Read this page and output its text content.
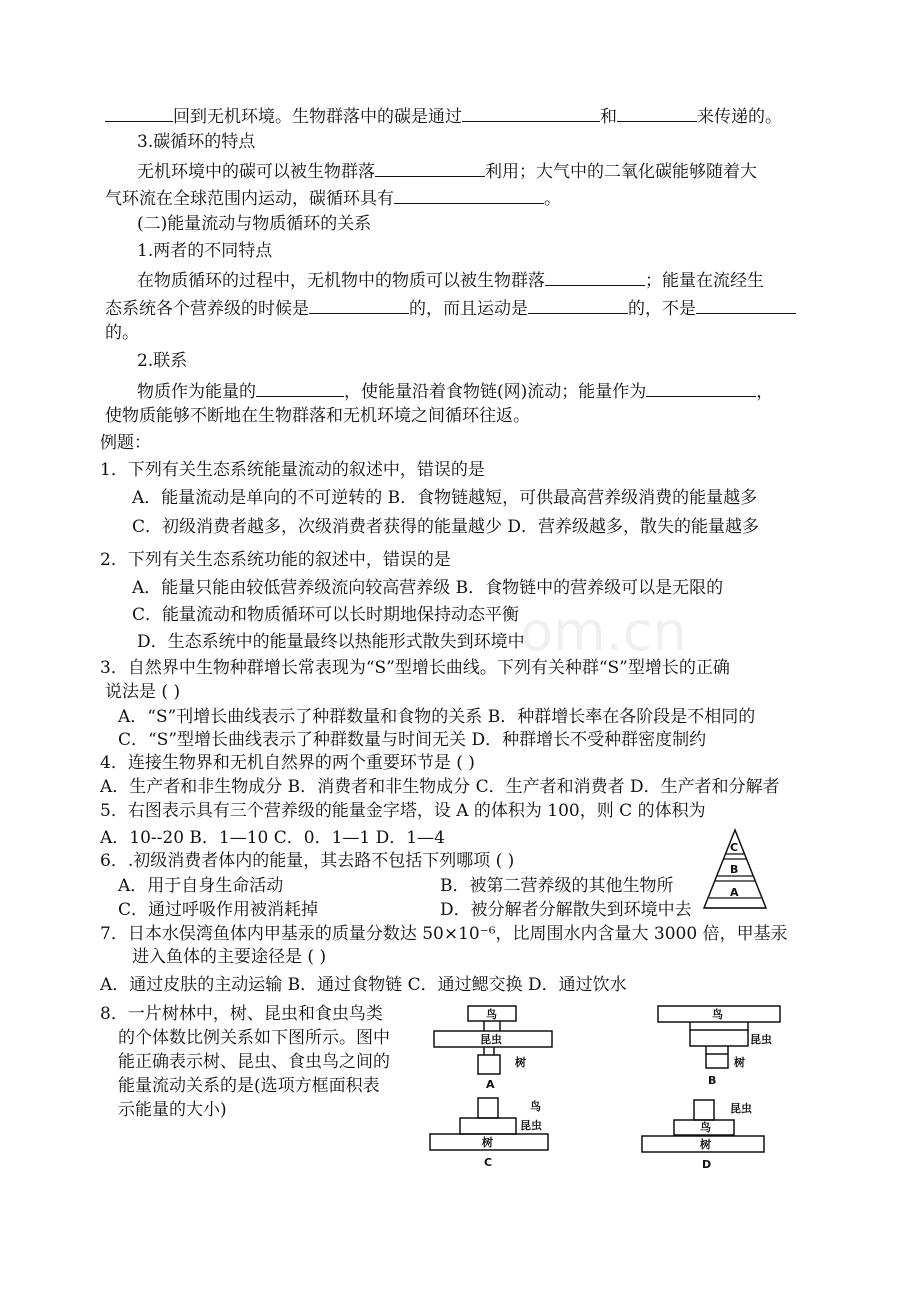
om.cn
回到无机环境。生物群落中的碳是通过	和	来传递的。
3.碳循环的特点
无机环境中的碳可以被生物群落	利用；大气中的二氧化碳能够随着大
气环流在全球范围内运动，碳循环具有	。
(二)能量流动与物质循环的关系
1.两者的不同特点
在物质循环的过程中，无机物中的物质可以被生物群落	；能量在流经生
态系统各个营养级的时候是	的，而且运动是	的，不是
的。
2.联系
物质作为能量的	，使能量沿着食物链(网)流动；能量作为	，
使物质能够不断地在生物群落和无机环境之间循环往返。
例题：
1．下列有关生态系统能量流动的叙述中，错误的是
A．能量流动是单向的不可逆转的 B．食物链越短，可供最高营养级消费的能量越多
C．初级消费者越多，次级消费者获得的能量越少 D．营养级越多，散失的能量越多
2．下列有关生态系统功能的叙述中，错误的是
A．能量只能由较低营养级流向较高营养级 B．食物链中的营养级可以是无限的
C．能量流动和物质循环可以长时期地保持动态平衡
D．生态系统中的能量最终以热能形式散失到环境中
3．自然界中生物种群增长常表现为“S”型增长曲线。下列有关种群“S”型增长的正确
说法是 ( )
A．“S”刊增长曲线表示了种群数量和食物的关系 B．种群增长率在各阶段是不相同的
C．“S”型增长曲线表示了种群数量与时间无关 D．种群增长不受种群密度制约
4．连接生物界和无机自然界的两个重要环节是 ( )
A．生产者和非生物成分 B．消费者和非生物成分 C．生产者和消费者 D．生产者和分解者
5．右图表示具有三个营养级的能量金字塔，设 A 的体积为 100，则 C 的体积为
A．10--20 B．1—10 C．0．1—1 D．1—4	C
B
A
6．.初级消费者体内的能量，其去路不包括下列哪项 ( )
A．用于自身生命活动	B．被第二营养级的其他生物所
C．通过呼吸作用被消耗掉	D．被分解者分解散失到环境中去
7．日本水俣湾鱼体内甲基汞的质量分数达 50×10⁻⁶，比周围水内含量大 3000 倍，甲基汞
进入鱼体的主要途径是 ( )
A．通过皮肤的主动运输 B．通过食物链 C．通过鳃交换 D．通过饮水
8．一片树林中，树、昆虫和食虫鸟类
的个体数比例关系如下图所示。图中
能正确表示树、昆虫、食虫鸟之间的
能量流动关系的是(选项方框面积表
示能量的大小)
鸟
昆虫
树
A
鸟
昆虫
树
B
鸟
昆虫
树
C
昆虫
鸟
树
D
